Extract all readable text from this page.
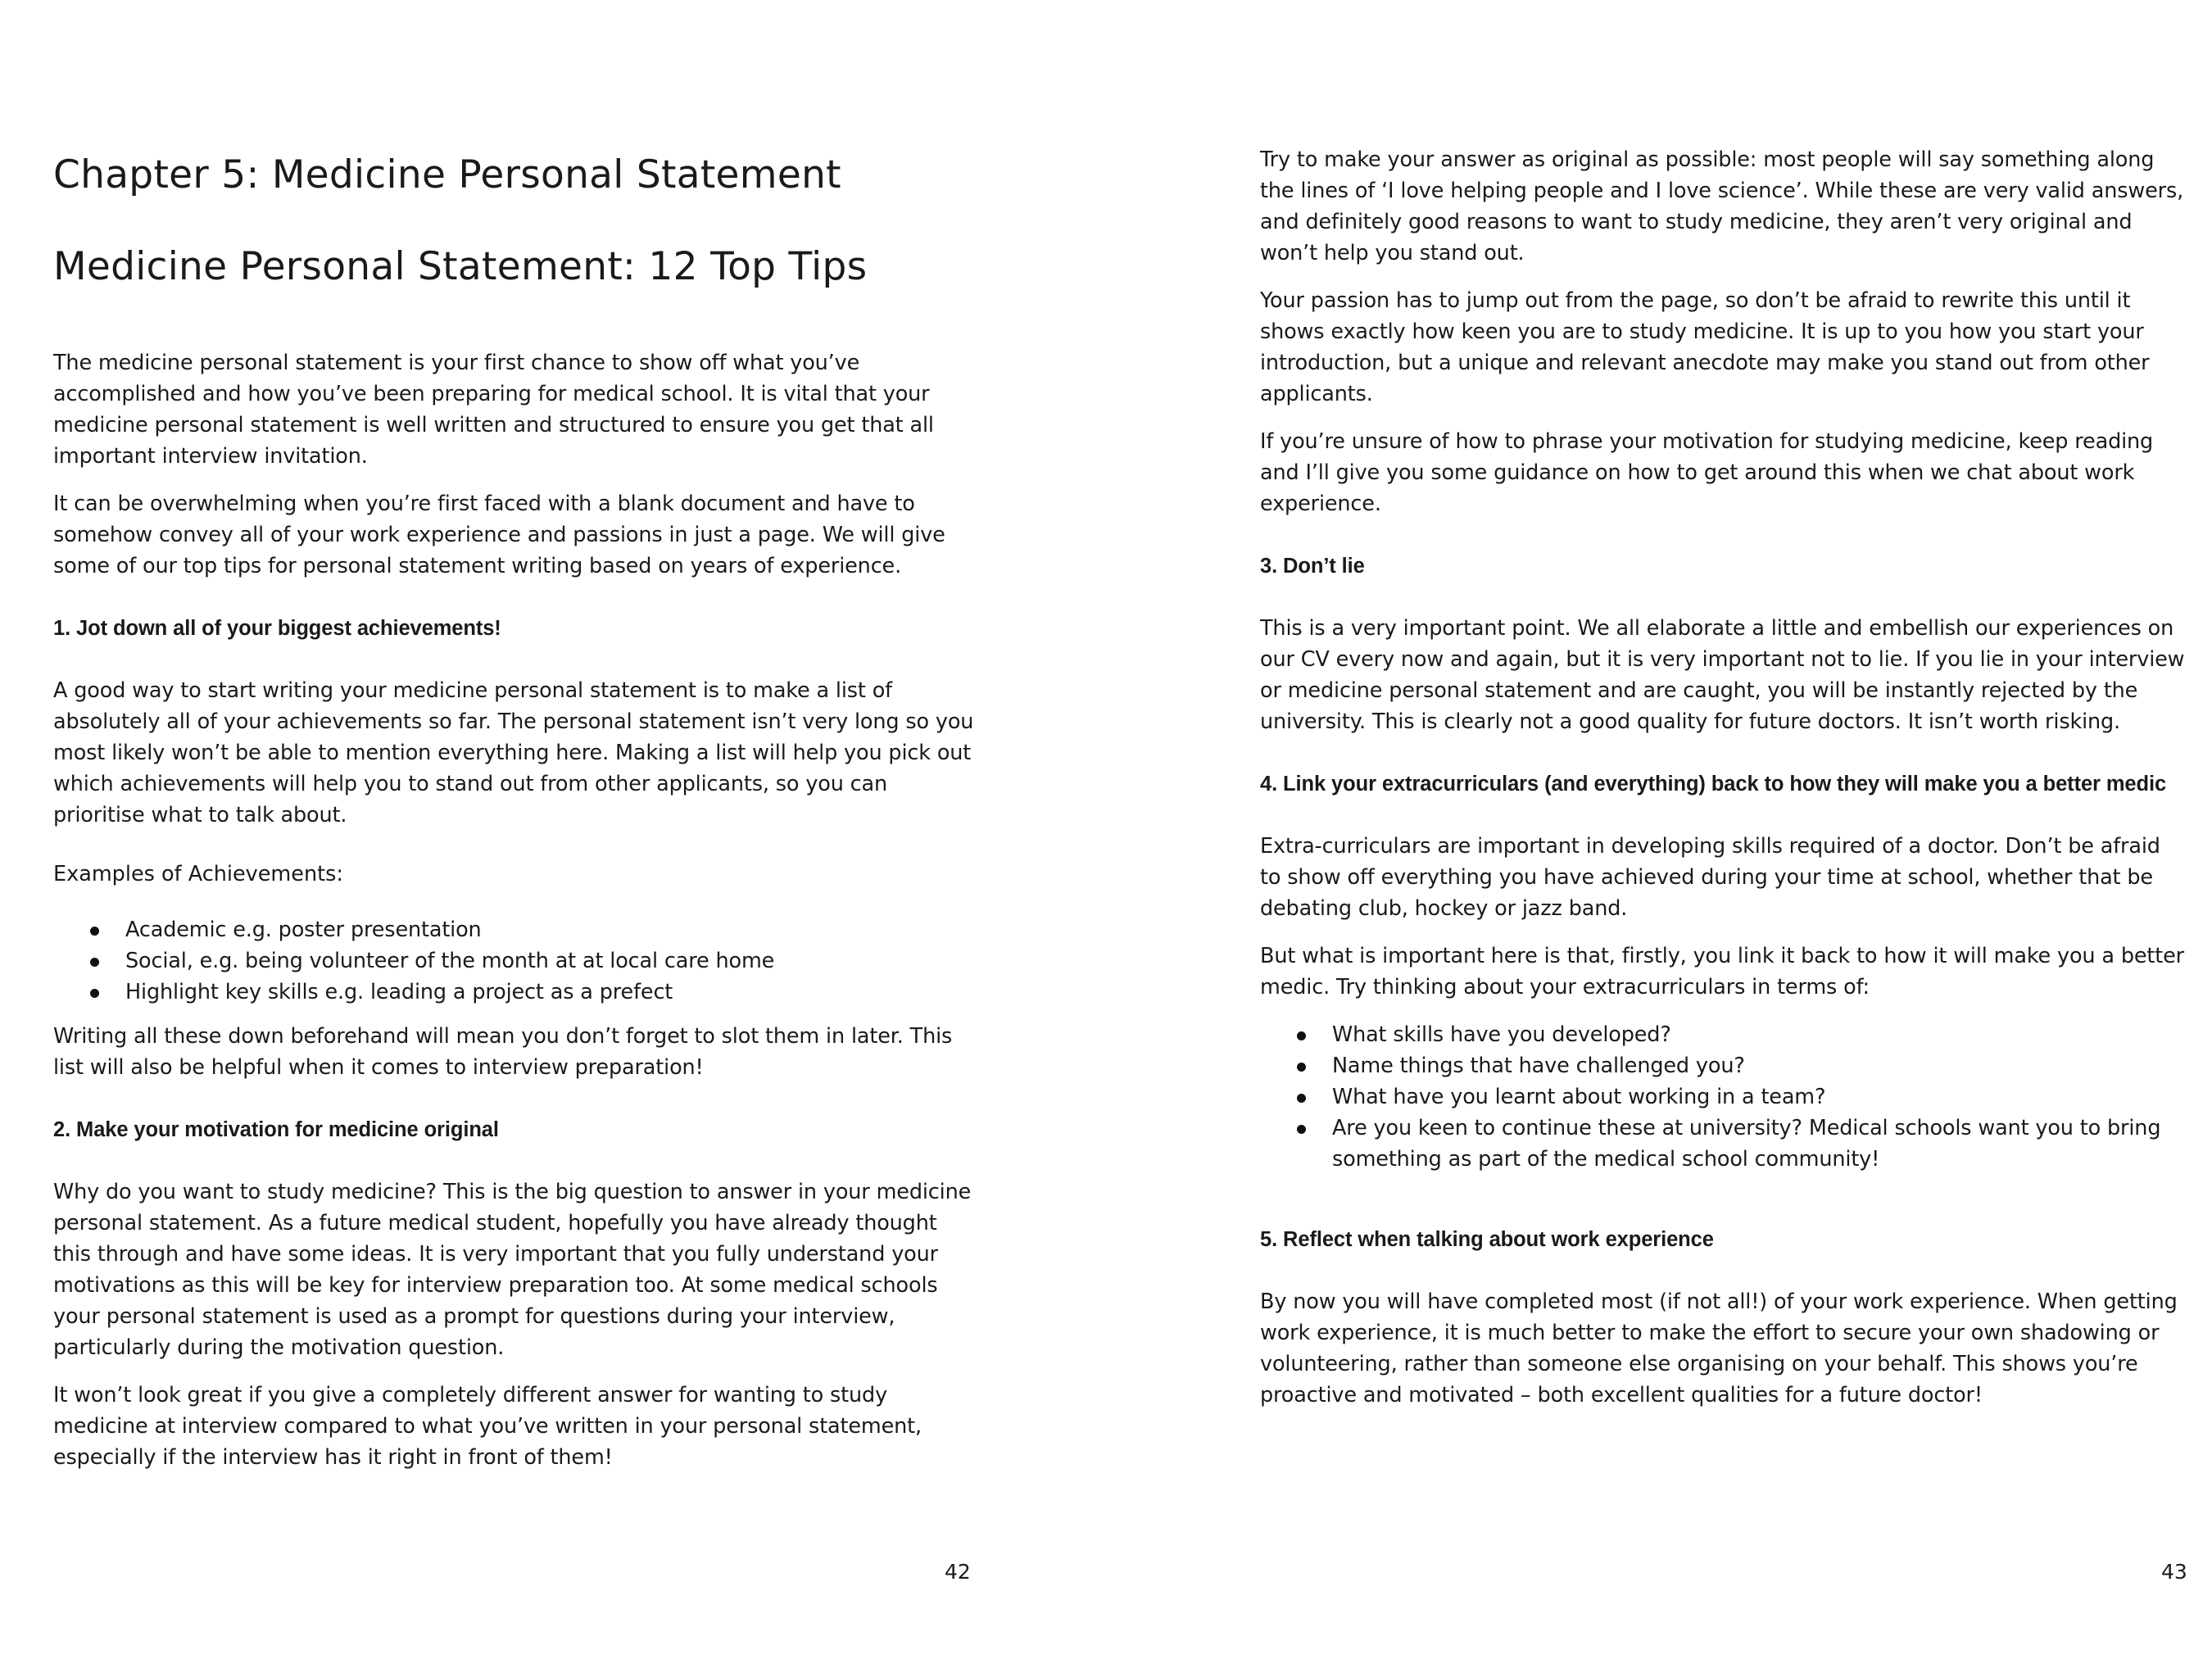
Chapter 5: Medicine Personal Statement
Medicine Personal Statement: 12 Top Tips

The medicine personal statement is your first chance to show off what you’ve accomplished and how you’ve been preparing for medical school. It is vital that your medicine personal statement is well written and structured to ensure you get that all important interview invitation.

It can be overwhelming when you’re first faced with a blank document and have to somehow convey all of your work experience and passions in just a page. We will give some of our top tips for personal statement writing based on years of experience.

1. Jot down all of your biggest achievements!

A good way to start writing your medicine personal statement is to make a list of absolutely all of your achievements so far. The personal statement isn’t very long so you most likely won’t be able to mention everything here. Making a list will help you pick out which achievements will help you to stand out from other applicants, so you can prioritise what to talk about.

Examples of Achievements:

Academic e.g. poster presentation
Social, e.g. being volunteer of the month at at local care home
Highlight key skills e.g. leading a project as a prefect

Writing all these down beforehand will mean you don’t forget to slot them in later. This list will also be helpful when it comes to interview preparation!

2. Make your motivation for medicine original

Why do you want to study medicine? This is the big question to answer in your medicine personal statement. As a future medical student, hopefully you have already thought this through and have some ideas. It is very important that you fully understand your motivations as this will be key for interview preparation too. At some medical schools your personal statement is used as a prompt for questions during your interview, particularly during the motivation question.

It won’t look great if you give a completely different answer for wanting to study medicine at interview compared to what you’ve written in your personal statement, especially if the interview has it right in front of them!

42

Try to make your answer as original as possible: most people will say something along the lines of ‘I love helping people and I love science’. While these are very valid answers, and definitely good reasons to want to study medicine, they aren’t very original and won’t help you stand out.

Your passion has to jump out from the page, so don’t be afraid to rewrite this until it shows exactly how keen you are to study medicine. It is up to you how you start your introduction, but a unique and relevant anecdote may make you stand out from other applicants.

If you’re unsure of how to phrase your motivation for studying medicine, keep reading and I’ll give you some guidance on how to get around this when we chat about work experience.

3. Don’t lie

This is a very important point. We all elaborate a little and embellish our experiences on our CV every now and again, but it is very important not to lie. If you lie in your interview or medicine personal statement and are caught, you will be instantly rejected by the university. This is clearly not a good quality for future doctors. It isn’t worth risking.

4. Link your extracurriculars (and everything) back to how they will make you a better medic

Extra-curriculars are important in developing skills required of a doctor. Don’t be afraid to show off everything you have achieved during your time at school, whether that be debating club, hockey or jazz band.

But what is important here is that, firstly, you link it back to how it will make you a better medic. Try thinking about your extracurriculars in terms of:

What skills have you developed?
Name things that have challenged you?
What have you learnt about working in a team?
Are you keen to continue these at university? Medical schools want you to bring something as part of the medical school community!
5. Reflect when talking about work experience

By now you will have completed most (if not all!) of your work experience. When getting work experience, it is much better to make the effort to secure your own shadowing or volunteering, rather than someone else organising on your behalf. This shows you’re proactive and motivated – both excellent qualities for a future doctor!

43
